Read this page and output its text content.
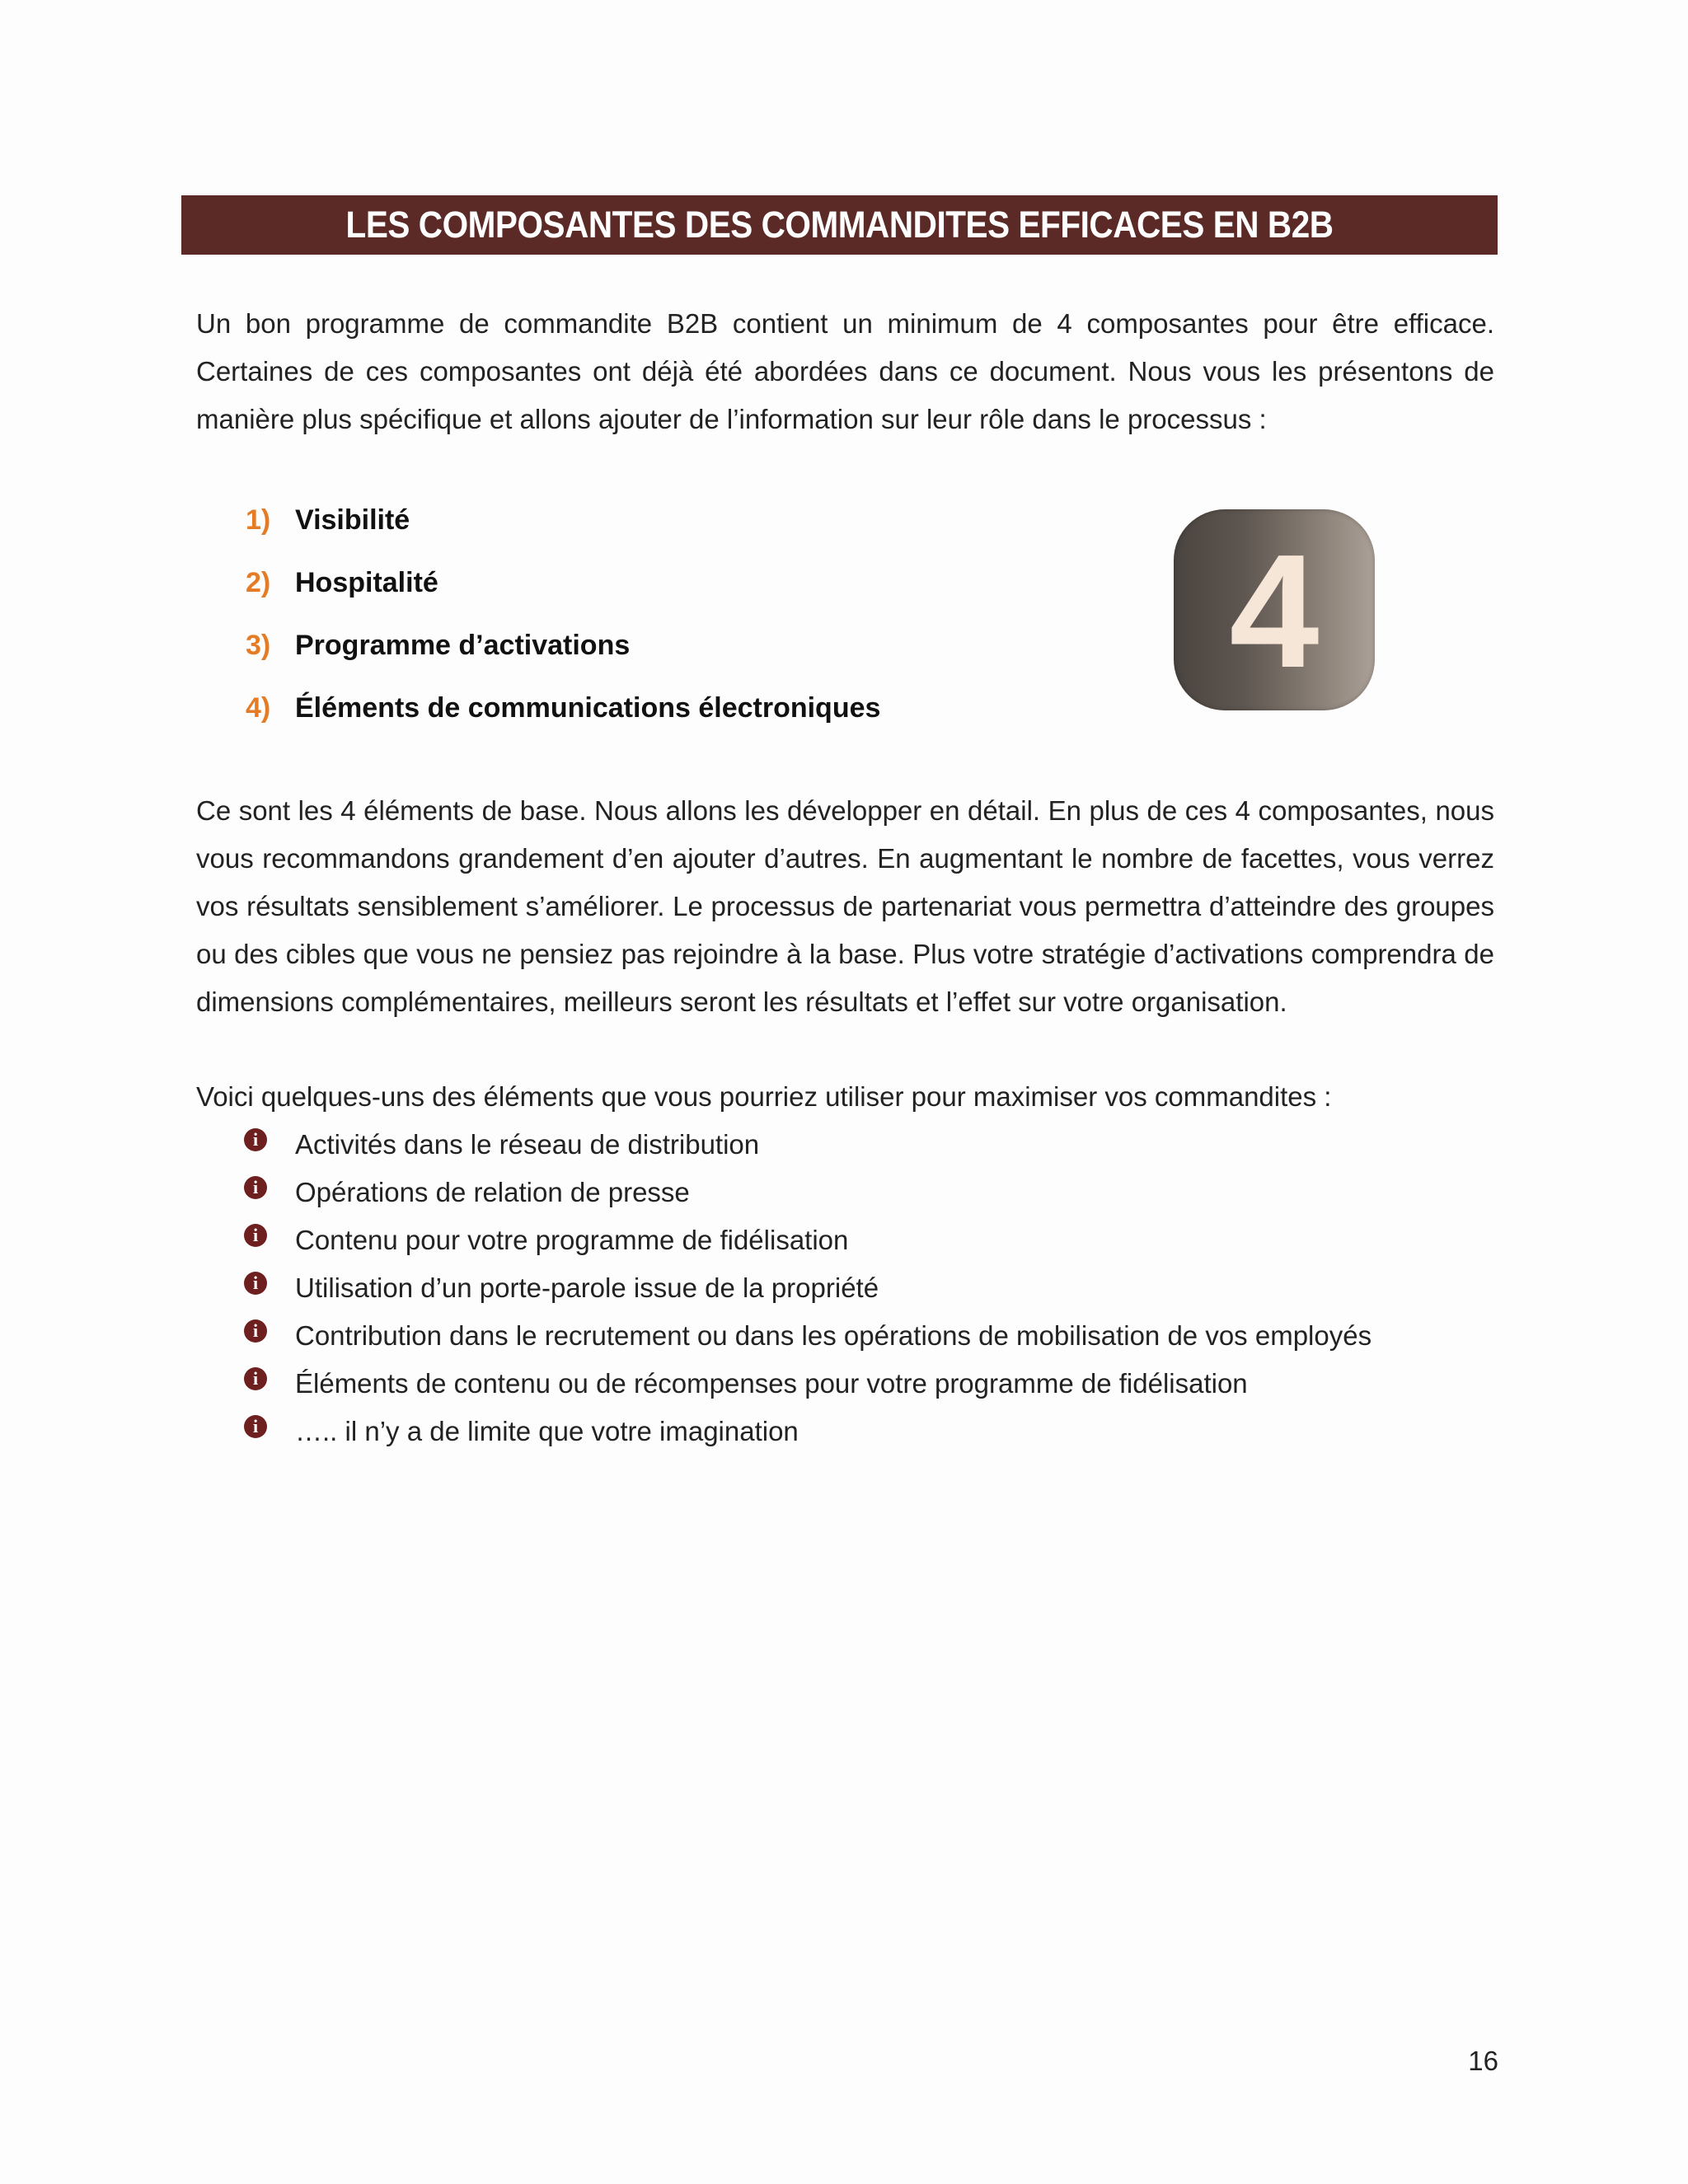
LES COMPOSANTES DES COMMANDITES EFFICACES EN B2B

Un bon programme de commandite B2B contient un minimum de 4 composantes pour être efficace. Certaines de ces composantes ont déjà été abordées dans ce document. Nous vous les présentons de manière plus spécifique et allons ajouter de l’information sur leur rôle dans le processus :

1) Visibilité
2) Hospitalité
3) Programme d’activations
4) Éléments de communications électroniques
4

Ce sont les 4 éléments de base. Nous allons les développer en détail. En plus de ces 4 composantes, nous vous recommandons grandement d’en ajouter d’autres. En augmentant le nombre de facettes, vous verrez vos résultats sensiblement s’améliorer. Le processus de partenariat vous permettra d’atteindre des groupes ou des cibles que vous ne pensiez pas rejoindre à la base. Plus votre stratégie d’activations comprendra de dimensions complémentaires, meilleurs seront les résultats et l’effet sur votre organisation.

Voici quelques-uns des éléments que vous pourriez utiliser pour maximiser vos commandites :

i	Activités dans le réseau de distribution
i	Opérations de relation de presse
i	Contenu pour votre programme de fidélisation
i	Utilisation d’un porte-parole issue de la propriété
i	Contribution dans le recrutement ou dans les opérations de mobilisation de vos employés
i	Éléments de contenu ou de récompenses pour votre programme de fidélisation
i	….. il n’y a de limite que votre imagination
16
